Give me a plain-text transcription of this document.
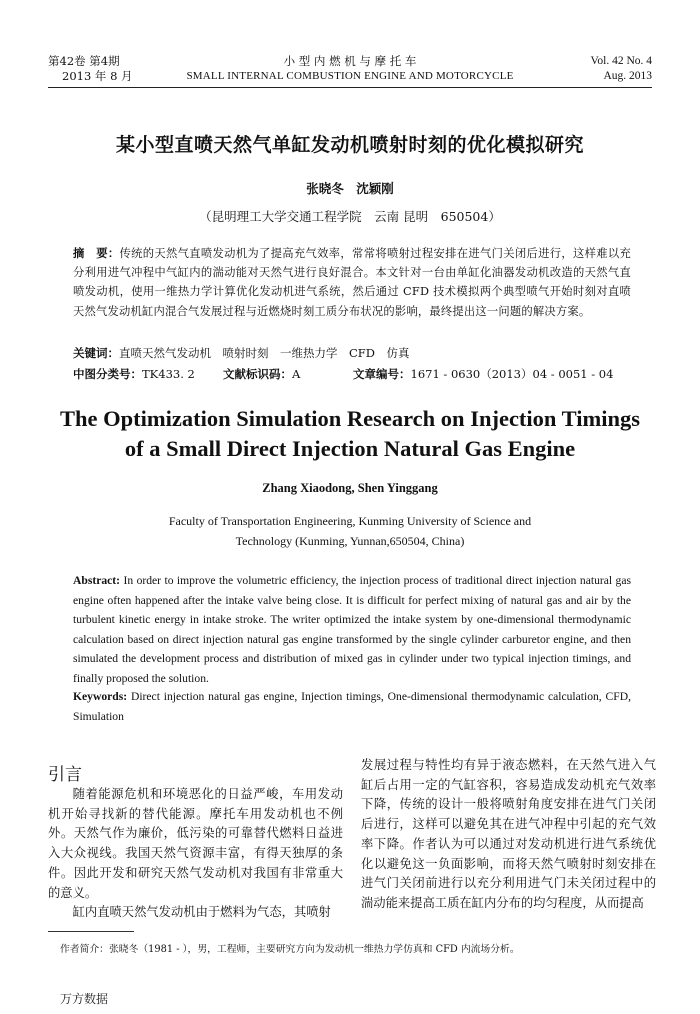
第42卷 第4期
2013 年 8 月
小 型 内 燃 机 与 摩 托 车
SMALL INTERNAL COMBUSTION ENGINE AND MOTORCYCLE
Vol. 42 No. 4
Aug. 2013
某小型直喷天然气单缸发动机喷射时刻的优化模拟研究
张晓冬　沈颖刚
（昆明理工大学交通工程学院　云南 昆明　650504）
摘　要：传统的天然气直喷发动机为了提高充气效率，常常将喷射过程安排在进气门关闭后进行，这样难以充分利用进气冲程中气缸内的湍动能对天然气进行良好混合。本文针对一台由单缸化油器发动机改造的天然气直喷发动机，使用一维热力学计算优化发动机进气系统，然后通过 CFD 技术模拟两个典型喷气开始时刻对直喷天然气发动机缸内混合气发展过程与近燃烧时刻工质分布状况的影响，最终提出这一问题的解决方案。
关键词：直喷天然气发动机　喷射时刻　一维热力学　CFD　仿真
中图分类号：TK433. 2 文献标识码：A	文章编号：1671 - 0630（2013）04 - 0051 - 04
The Optimization Simulation Research on Injection Timings of a Small Direct Injection Natural Gas Engine
Zhang Xiaodong, Shen Yinggang
Faculty of Transportation Engineering, Kunming University of Science and
Technology (Kunming, Yunnan,650504, China)
Abstract: In order to improve the volumetric efficiency, the injection process of traditional direct injection natural gas engine often happened after the intake valve being close. It is difficult for perfect mixing of natural gas and air by the turbulent kinetic energy in intake stroke. The writer optimized the intake system by one-dimensional thermodynamic calculation based on direct injection natural gas engine transformed by the single cylinder carburetor engine, and then simulated the development process and distribution of mixed gas in cylinder under two typical injection timings, and finally proposed the solution.
Keywords: Direct injection natural gas engine, Injection timings, One-dimensional thermodynamic calculation, CFD, Simulation
引言
随着能源危机和环境恶化的日益严峻，车用发动机开始寻找新的替代能源。摩托车用发动机也不例外。天然气作为廉价，低污染的可靠替代燃料日益进入大众视线。我国天然气资源丰富，有得天独厚的条件。因此开发和研究天然气发动机对我国有非常重大的意义。
缸内直喷天然气发动机由于燃料为气态，其喷射
发展过程与特性均有异于液态燃料，在天然气进入气缸后占用一定的气缸容积，容易造成发动机充气效率下降，传统的设计一般将喷射角度安排在进气门关闭后进行，这样可以避免其在进气冲程中引起的充气效率下降。作者认为可以通过对发动机进行进气系统优化以避免这一负面影响，而将天然气喷射时刻安排在进气门关闭前进行以充分利用进气门未关闭过程中的湍动能来提高工质在缸内分布的均匀程度，从而提高
作者简介：张晓冬（1981 - ），男，工程师，主要研究方向为发动机一维热力学仿真和 CFD 内流场分析。
万方数据
